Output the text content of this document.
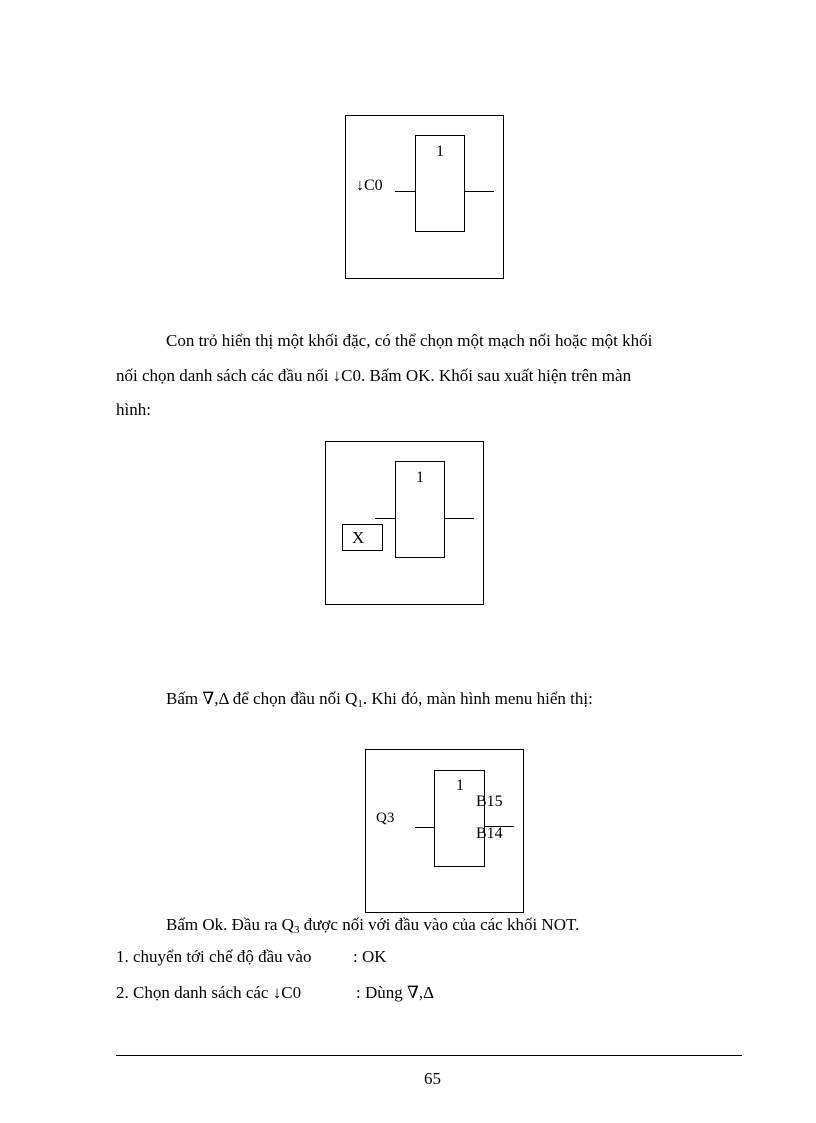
↓C0
1
Con trỏ hiển thị một khối đặc, có thể chọn một mạch nối hoặc một khối
nối chọn danh sách các đầu nối ↓C0. Bấm OK. Khối sau xuất hiện trên màn
hình:
1
X
Bấm ∇,Δ để chọn đầu nối $Q_1$. Khi đó, màn hình menu hiển thị:
Q3
1
B15
B14
Bấm Ok. Đầu ra $Q_3$ được nối với đầu vào của các khối NOT.
1. chuyển tới chế độ đầu vào : OK
2. Chọn danh sách các ↓C0	: Dùng ∇,Δ
65
